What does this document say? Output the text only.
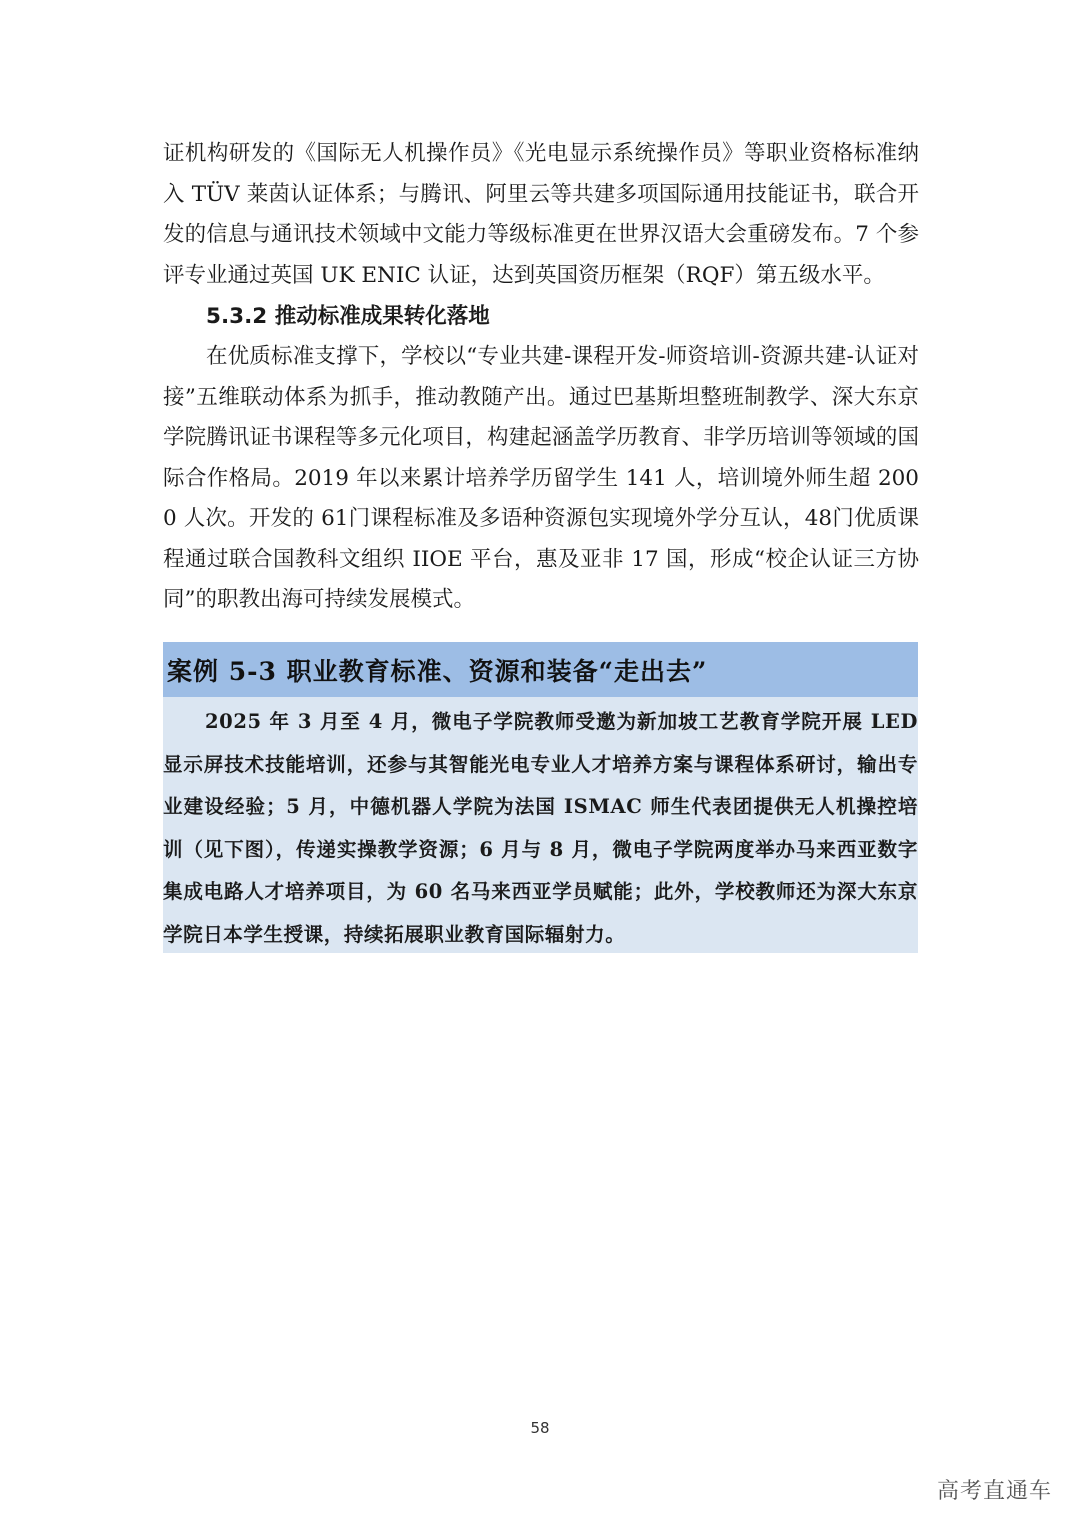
证机构研发的《国际无人机操作员》《光电显示系统操作员》等职业资格标准纳入 TÜV 莱茵认证体系；与腾讯、阿里云等共建多项国际通用技能证书，联合开发的信息与通讯技术领域中文能力等级标准更在世界汉语大会重磅发布。7 个参评专业通过英国 UK ENIC 认证，达到英国资历框架（RQF）第五级水平。

5.3.2 推动标准成果转化落地

在优质标准支撑下，学校以“专业共建-课程开发-师资培训-资源共建-认证对接”五维联动体系为抓手，推动教随产出。通过巴基斯坦整班制教学、深大东京学院腾讯证书课程等多元化项目，构建起涵盖学历教育、非学历培训等领域的国际合作格局。2019 年以来累计培养学历留学生 141 人，培训境外师生超 2000 人次。开发的 61门课程标准及多语种资源包实现境外学分互认，48门优质课程通过联合国教科文组织 IIOE 平台，惠及亚非 17 国，形成“校企认证三方协同”的职教出海可持续发展模式。

案例 5-3 职业教育标准、资源和装备“走出去”

2025 年 3 月至 4 月，微电子学院教师受邀为新加坡工艺教育学院开展 LED 显示屏技术技能培训，还参与其智能光电专业人才培养方案与课程体系研讨，输出专业建设经验；5 月，中德机器人学院为法国 ISMAC 师生代表团提供无人机操控培训（见下图），传递实操教学资源；6 月与 8 月，微电子学院两度举办马来西亚数字集成电路人才培养项目，为 60 名马来西亚学员赋能；此外，学校教师还为深大东京学院日本学生授课，持续拓展职业教育国际辐射力。

58
高考直通车
